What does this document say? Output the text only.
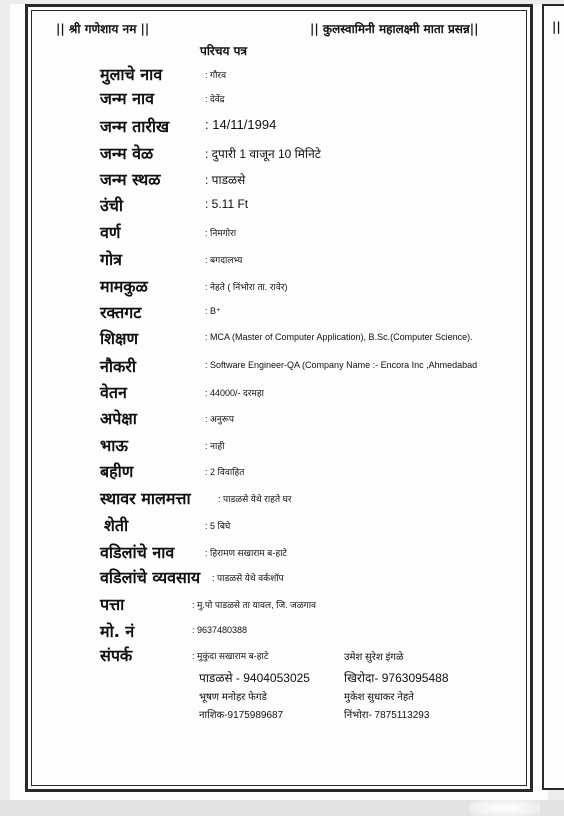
||
|| श्री गणेशाय नम ||	|| कुलस्वामिनी महालक्ष्मी माता प्रसन्न||
परिचय पत्र
मुलाचे नाव	: गौरव
जन्म नाव	: देवेंद्र
जन्म तारीख	: 14/11/1994
जन्म वेळ	: दुपारी 1 वाजून 10 मिनिटे
जन्म स्थळ	: पाडळसे
उंची	: 5.11 Ft
वर्ण	: निमगोरा
गोत्र	: बगदालभ्य
मामकुळ	: नेहते ( निंभोरा ता. रावेर)
रक्तगट	: B⁺
शिक्षण	: MCA (Master of Computer Application), B.Sc.(Computer Science).
नौकरी	: Software Engineer-QA (Company Name :- Encora Inc ,Ahmedabad
वेतन	: 44000/- दरमहा
अपेक्षा	: अनुरूप
भाऊ	: नाही
बहीण	: 2 विवाहित
स्थावर मालमत्ता	: पाडळसे येथे राहते घर
शेती	: 5 बिघे
वडिलांचे नाव	: हिरामण सखाराम ब-हाटे
वडिलांचे व्यवसाय : पाडळसे येथे वर्कशॉप
पत्ता	: मु.पो पाडळसे ता यावल, जि. जळगाव
मो. नं	: 9637480388
संपर्क	: मुकुंदा सखाराम ब-हाटे	उमेश सुरेश इंगळे
पाडळसे - 9404053025	खिरोदा- 9763095488
भूषण मनोहर फेगडे	मुकेश सुधाकर नेहते
नाशिक-9175989687	निंभोरा- 7875113293
